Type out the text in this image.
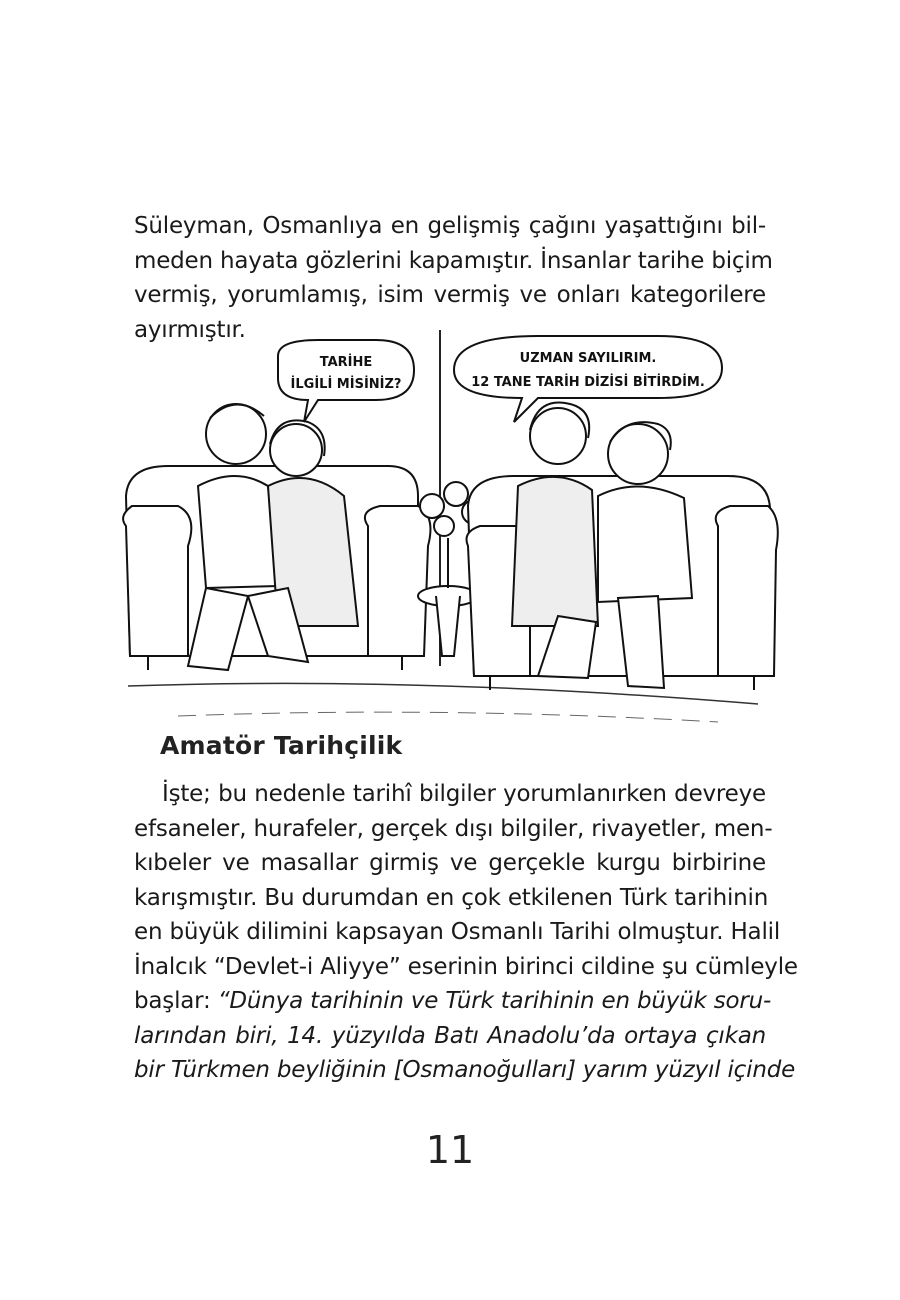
Süleyman, Osmanlıya en gelişmiş çağını yaşattığını bil-
meden hayata gözlerini kapamıştır. İnsanlar tarihe biçim
vermiş, yorumlamış, isim vermiş ve onları kategorilere
ayırmıştır.
TARİHE
İLGİLİ MİSİNİZ?
UZMAN SAYILIRIM.
12 TANE TARİH DİZİSİ BİTİRDİM.
Amatör Tarihçilik
İşte; bu nedenle tarihî bilgiler yorumlanırken devreye
efsaneler, hurafeler, gerçek dışı bilgiler, rivayetler, men-
kıbeler ve masallar girmiş ve gerçekle kurgu birbirine
karışmıştır. Bu durumdan en çok etkilenen Türk tarihinin
en büyük dilimini kapsayan Osmanlı Tarihi olmuştur. Halil
İnalcık “Devlet-i Aliyye” eserinin birinci cildine şu cümleyle
başlar: “Dünya tarihinin ve Türk tarihinin en büyük soru-
larından biri, 14. yüzyılda Batı Anadolu’da ortaya çıkan
bir Türkmen beyliğinin [Osmanoğulları] yarım yüzyıl içinde
11
